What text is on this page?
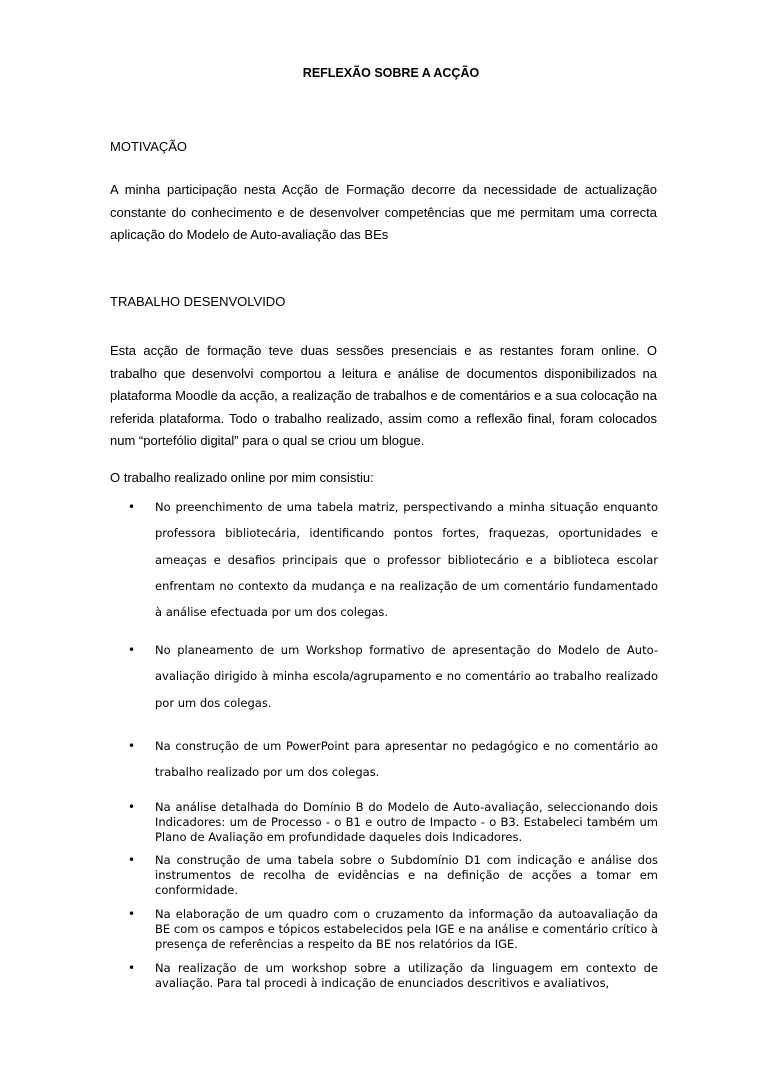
REFLEXÃO SOBRE A ACÇÃO
MOTIVAÇÃO
A minha participação nesta Acção de Formação decorre da necessidade de actualização constante do conhecimento e de desenvolver competências que me permitam uma correcta aplicação do Modelo de Auto-avaliação das BEs
TRABALHO DESENVOLVIDO
Esta acção de formação teve duas sessões presenciais e as restantes foram online. O trabalho que desenvolvi comportou a leitura e análise de documentos disponibilizados na plataforma Moodle da acção, a realização de trabalhos e de comentários e a sua colocação na referida plataforma. Todo o trabalho realizado, assim como a reflexão final, foram colocados num “portefólio digital” para o qual se criou um blogue.
O trabalho realizado online por mim consistiu:
• No preenchimento de uma tabela matriz, perspectivando a minha situação enquanto professora bibliotecária, identificando pontos fortes, fraquezas, oportunidades e ameaças e desafios principais que o professor bibliotecário e a biblioteca escolar enfrentam no contexto da mudança e na realização de um comentário fundamentado à análise efectuada por um dos colegas.
• No planeamento de um Workshop formativo de apresentação do Modelo de Auto-avaliação dirigido à minha escola/agrupamento e no comentário ao trabalho realizado por um dos colegas.
• Na construção de um PowerPoint para apresentar no pedagógico e no comentário ao trabalho realizado por um dos colegas.
• Na análise detalhada do Domínio B do Modelo de Auto-avaliação, seleccionando dois Indicadores: um de Processo - o B1 e outro de Impacto - o B3. Estabeleci também um Plano de Avaliação em profundidade daqueles dois Indicadores.
• Na construção de uma tabela sobre o Subdomínio D1 com indicação e análise dos instrumentos de recolha de evidências e na definição de acções a tomar em conformidade.
• Na elaboração de um quadro com o cruzamento da informação da autoavaliação da BE com os campos e tópicos estabelecidos pela IGE e na análise e comentário crítico à presença de referências a respeito da BE nos relatórios da IGE.
• Na realização de um workshop sobre a utilização da linguagem em contexto de avaliação. Para tal procedi à indicação de enunciados descritivos e avaliativos,
